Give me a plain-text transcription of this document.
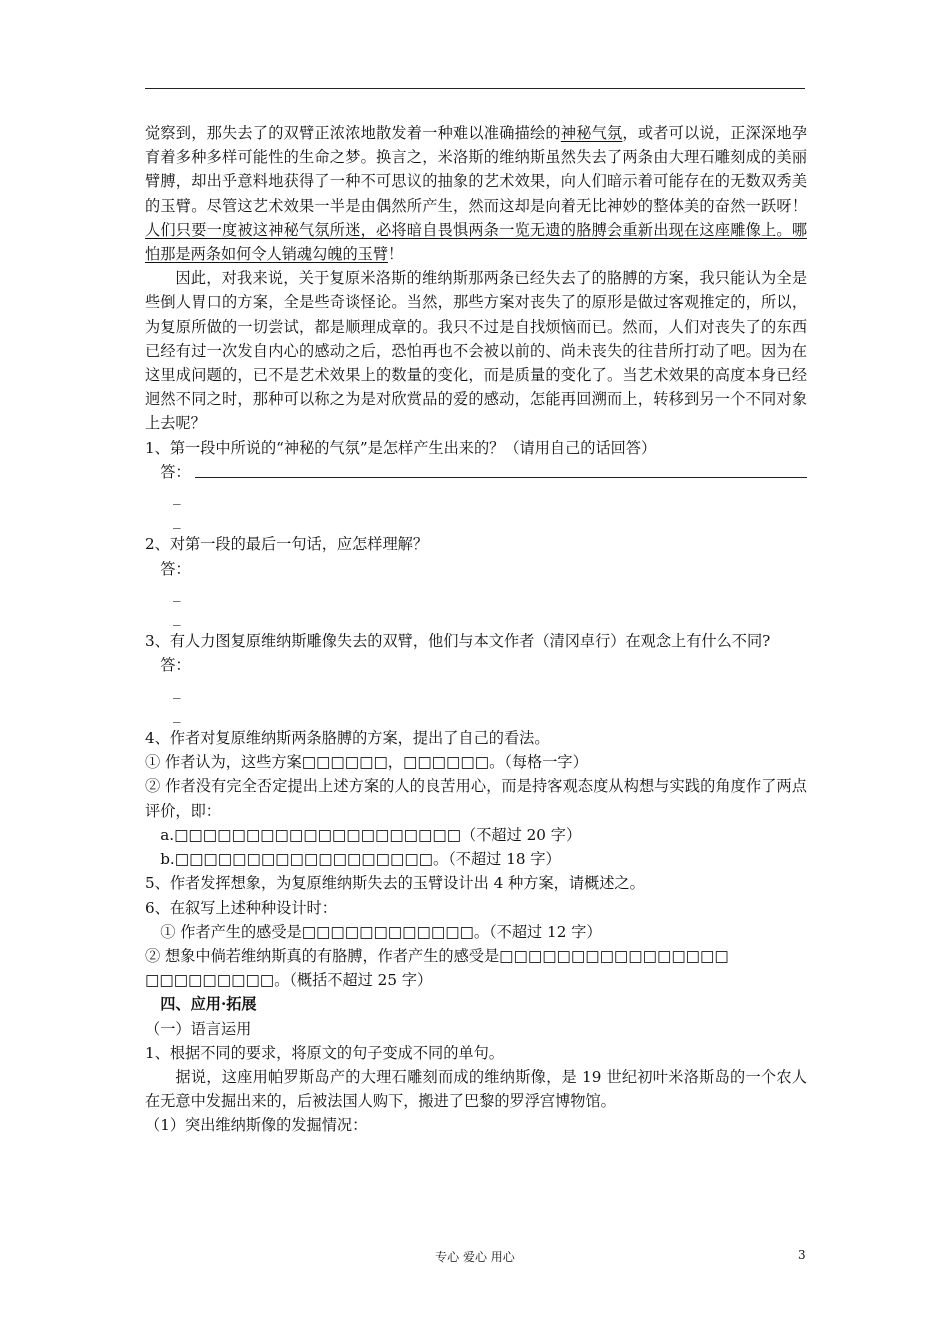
觉察到，那失去了的双臂正浓浓地散发着一种难以准确描绘的神秘气氛，或者可以说，正深深地孕育着多种多样可能性的生命之梦。换言之，米洛斯的维纳斯虽然失去了两条由大理石雕刻成的美丽臂膊，却出乎意料地获得了一种不可思议的抽象的艺术效果，向人们暗示着可能存在的无数双秀美的玉臂。尽管这艺术效果一半是由偶然所产生，然而这却是向着无比神妙的整体美的奋然一跃呀！人们只要一度被这神秘气氛所迷，必将暗自畏惧两条一览无遗的胳膊会重新出现在这座雕像上。哪怕那是两条如何令人销魂勾魄的玉臂！

因此，对我来说，关于复原米洛斯的维纳斯那两条已经失去了的胳膊的方案，我只能认为全是些倒人胃口的方案，全是些奇谈怪论。当然，那些方案对丧失了的原形是做过客观推定的，所以，为复原所做的一切尝试，都是顺理成章的。我只不过是自找烦恼而已。然而，人们对丧失了的东西已经有过一次发自内心的感动之后，恐怕再也不会被以前的、尚未丧失的往昔所打动了吧。因为在这里成问题的，已不是艺术效果上的数量的变化，而是质量的变化了。当艺术效果的高度本身已经迥然不同之时，那种可以称之为是对欣赏品的爱的感动，怎能再回溯而上，转移到另一个不同对象上去呢？

1、第一段中所说的“神秘的气氛”是怎样产生出来的？（请用自己的话回答）

答：

_

_

2、对第一段的最后一句话，应怎样理解？

答：

_

_

3、有人力图复原维纳斯雕像失去的双臂，他们与本文作者（清冈卓行）在观念上有什么不同?

答：

_

_

4、作者对复原维纳斯两条胳膊的方案，提出了自己的看法。

① 作者认为，这些方案□□□□□□，□□□□□□。（每格一字）

② 作者没有完全否定提出上述方案的人的良苦用心，而是持客观态度从构想与实践的角度作了两点评价，即：

a.□□□□□□□□□□□□□□□□□□□□（不超过 20 字）

b.□□□□□□□□□□□□□□□□□□。（不超过 18 字）

5、作者发挥想象，为复原维纳斯失去的玉臂设计出 4 种方案，请概述之。

6、在叙写上述种种设计时：

① 作者产生的感受是□□□□□□□□□□□□。（不超过 12 字）

② 想象中倘若维纳斯真的有胳膊，作者产生的感受是□□□□□□□□□□□□□□□□

□□□□□□□□□。（概括不超过 25 字）

四、应用·拓展

（一）语言运用

1、根据不同的要求，将原文的句子变成不同的单句。

据说，这座用帕罗斯岛产的大理石雕刻而成的维纳斯像，是 19 世纪初叶米洛斯岛的一个农人在无意中发掘出来的，后被法国人购下，搬进了巴黎的罗浮宫博物馆。

（1）突出维纳斯像的发掘情况：

专心 爱心 用心	3
